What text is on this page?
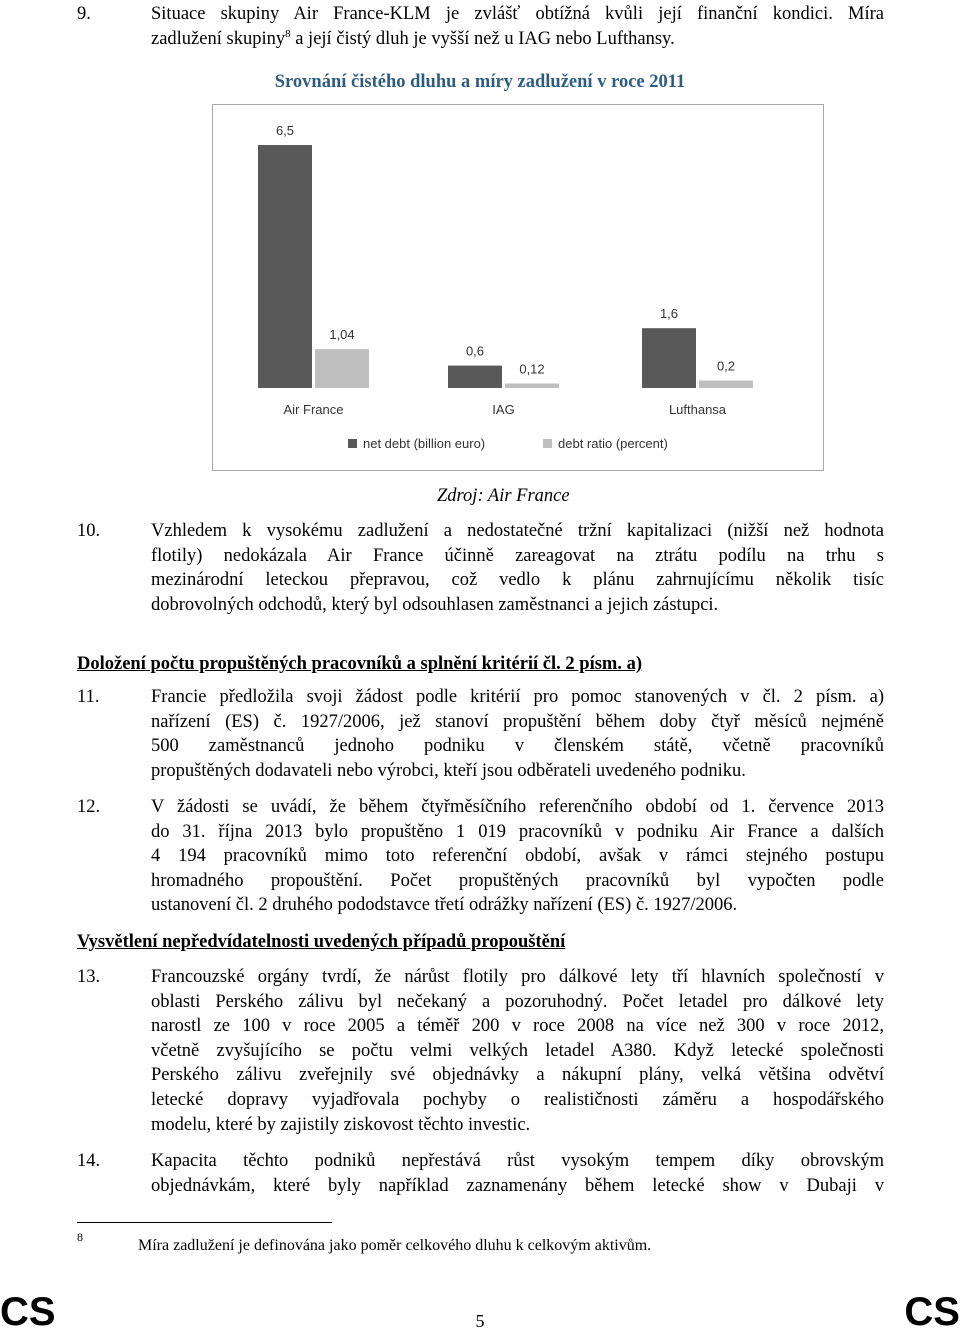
9.	Situace skupiny Air France-KLM je zvlášť obtížná kvůli její finanční kondici. Míra
zadlužení skupiny$^8$ a její čistý dluh je vyšší než u IAG nebo Lufthansy.
Srovnání čistého dluhu a míry zadlužení v roce 2011
6,5
1,04
Air France
0,6
0,12
IAG
1,6
0,2
Lufthansa
net debt (billion euro)	debt ratio (percent)
Zdroj: Air France
10.	Vzhledem k vysokému zadlužení a nedostatečné tržní kapitalizaci (nižší než hodnota
flotily) nedokázala Air France účinně zareagovat na ztrátu podílu na trhu s
mezinárodní leteckou přepravou, což vedlo k plánu zahrnujícímu několik tisíc
dobrovolných odchodů, který byl odsouhlasen zaměstnanci a jejich zástupci.
Doložení počtu propuštěných pracovníků a splnění kritérií čl. 2 písm. a)
11.	Francie předložila svoji žádost podle kritérií pro pomoc stanovených v čl. 2 písm. a)
nařízení (ES) č. 1927/2006, jež stanoví propuštění během doby čtyř měsíců nejméně
500 zaměstnanců jednoho podniku v členském státě, včetně pracovníků
propuštěných dodavateli nebo výrobci, kteří jsou odběrateli uvedeného podniku.
12.	V žádosti se uvádí, že během čtyřměsíčního referenčního období od 1. července 2013
do 31. října 2013 bylo propuštěno 1 019 pracovníků v podniku Air France a dalších
4 194 pracovníků mimo toto referenční období, avšak v rámci stejného postupu
hromadného propouštění. Počet propuštěných pracovníků byl vypočten podle
ustanovení čl. 2 druhého pododstavce třetí odrážky nařízení (ES) č. 1927/2006.
Vysvětlení nepředvídatelnosti uvedených případů propouštění
13.	Francouzské orgány tvrdí, že nárůst flotily pro dálkové lety tří hlavních společností v
oblasti Perského zálivu byl nečekaný a pozoruhodný. Počet letadel pro dálkové lety
narostl ze 100 v roce 2005 a téměř 200 v roce 2008 na více než 300 v roce 2012,
včetně zvyšujícího se počtu velmi velkých letadel A380. Když letecké společnosti
Perského zálivu zveřejnily své objednávky a nákupní plány, velká většina odvětví
letecké dopravy vyjadřovala pochyby o realističnosti záměru a hospodářského
modelu, které by zajistily ziskovost těchto investic.
14.	Kapacita těchto podniků nepřestává růst vysokým tempem díky obrovským
objednávkám, které byly například zaznamenány během letecké show v Dubaji v
8	Míra zadlužení je definována jako poměr celkového dluhu k celkovým aktivům.
CS	5	CS
